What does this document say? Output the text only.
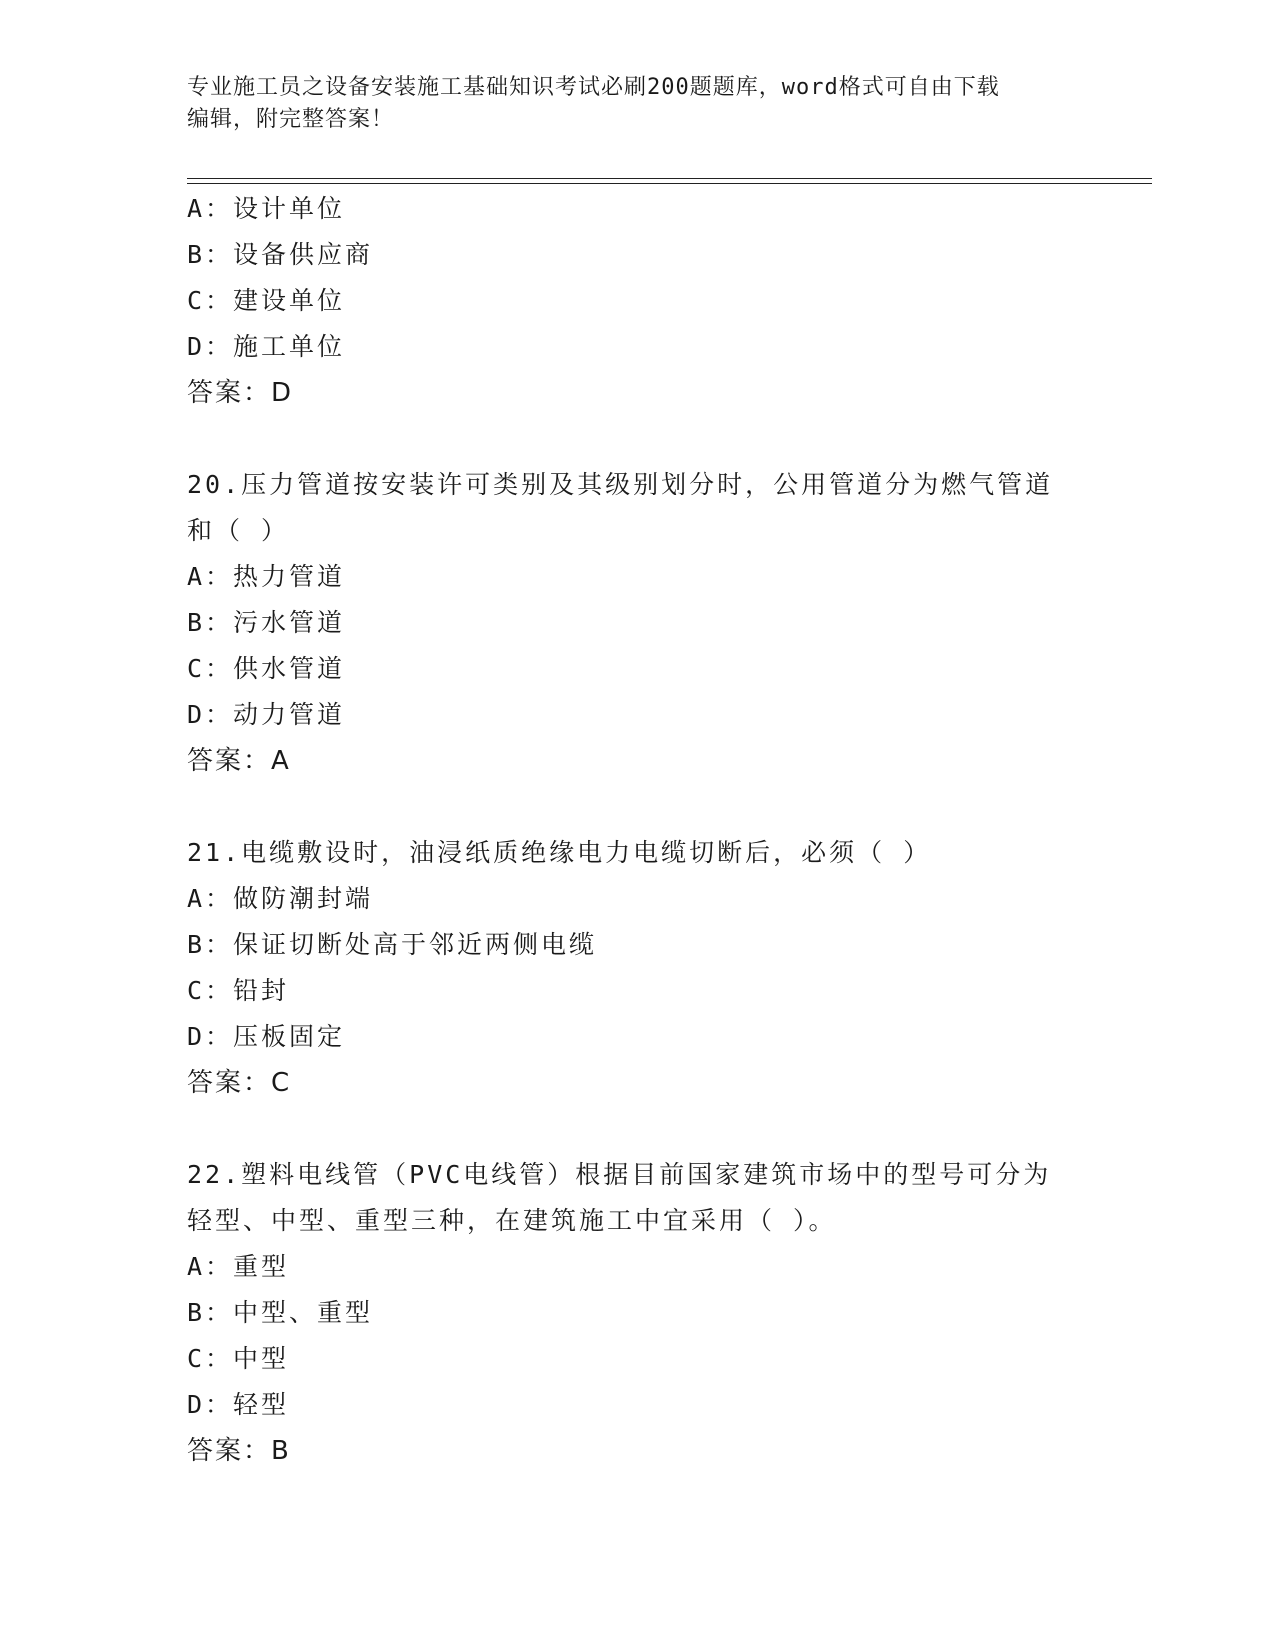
专业施工员之设备安装施工基础知识考试必刷200题题库，word格式可自由下载
编辑，附完整答案！
A：设计单位
B：设备供应商
C：建设单位
D：施工单位
答案：D
20.压力管道按安装许可类别及其级别划分时，公用管道分为燃气管道
和（ ）
A：热力管道
B：污水管道
C：供水管道
D：动力管道
答案：A
21.电缆敷设时，油浸纸质绝缘电力电缆切断后，必须（ ）
A：做防潮封端
B：保证切断处高于邻近两侧电缆
C：铅封
D：压板固定
答案：C
22.塑料电线管（PVC电线管）根据目前国家建筑市场中的型号可分为
轻型、中型、重型三种，在建筑施工中宜采用（ ）。
A：重型
B：中型、重型
C：中型
D：轻型
答案：B
